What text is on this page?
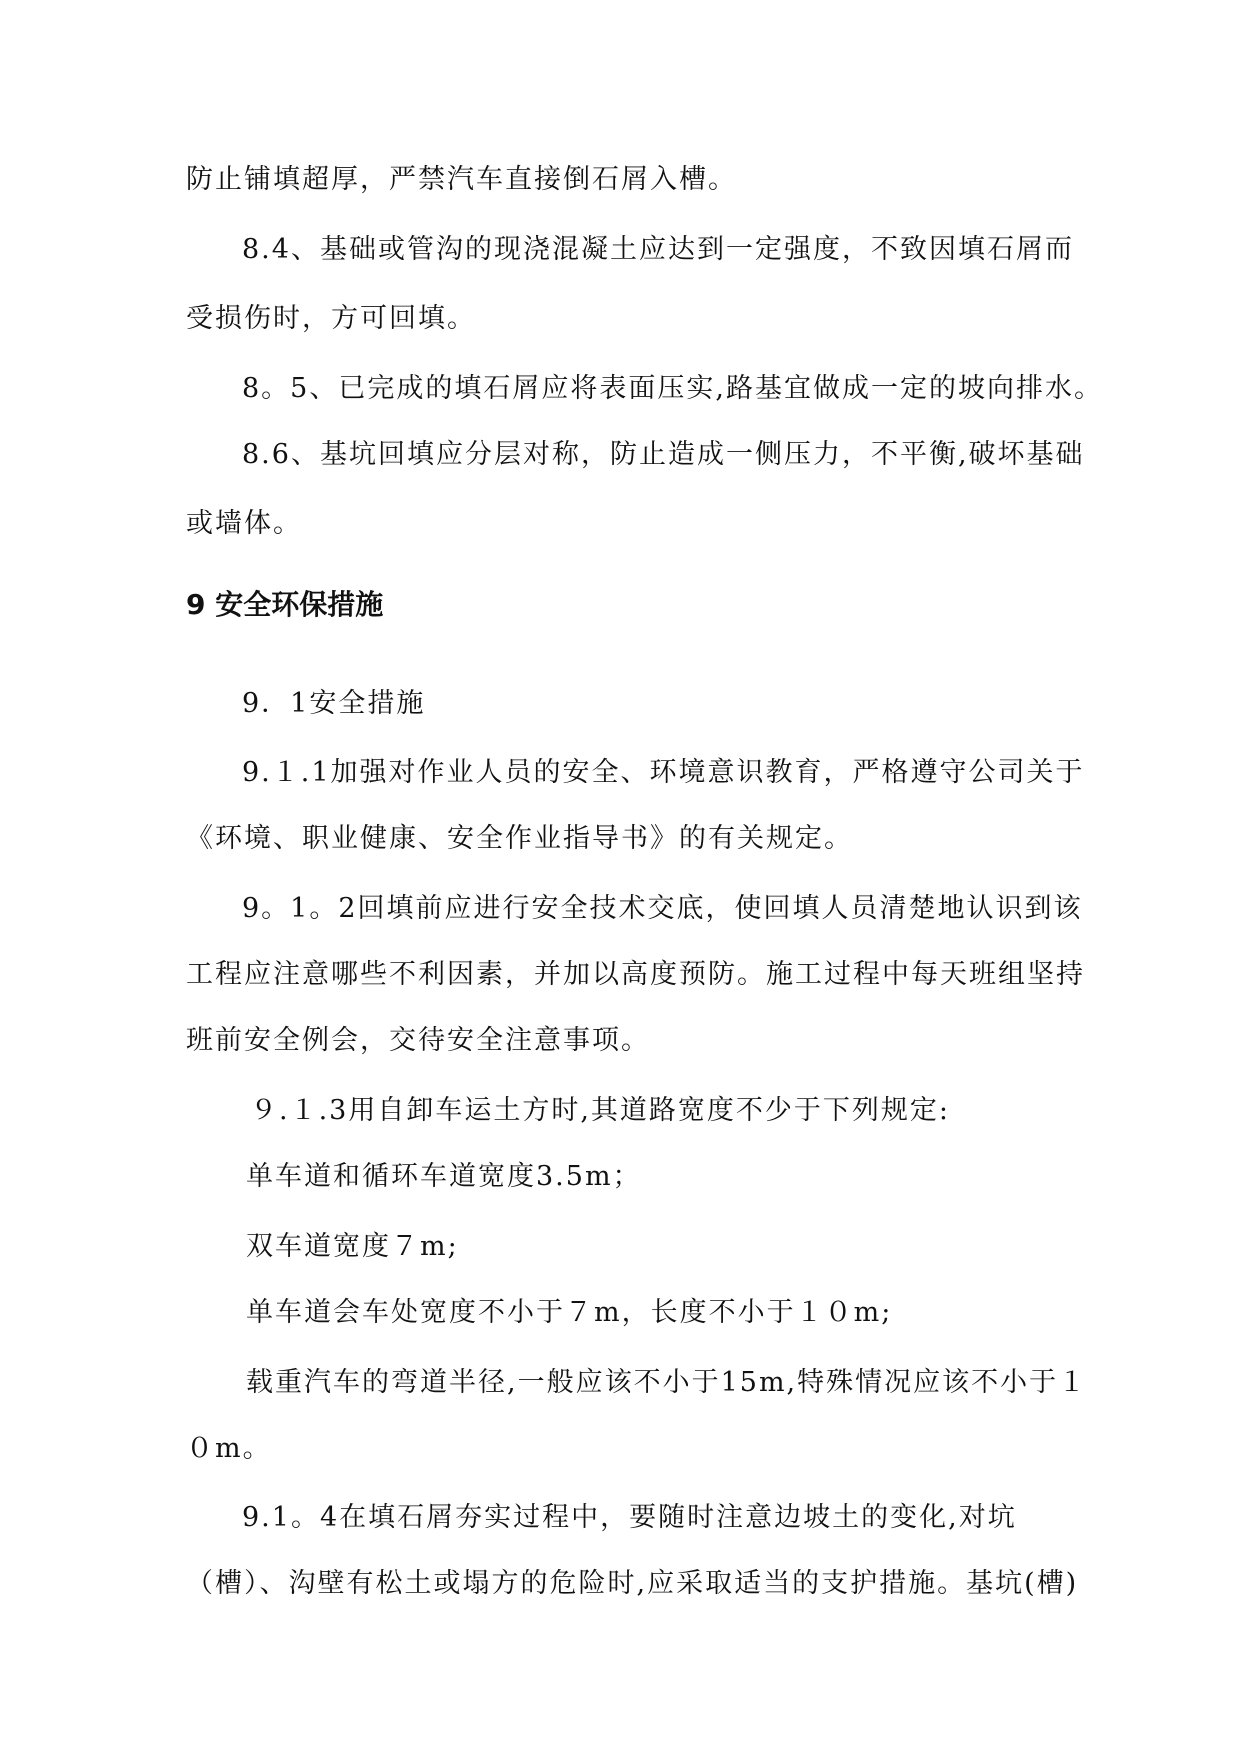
防止铺填超厚，严禁汽车直接倒石屑入槽。
8.4、基础或管沟的现浇混凝土应达到一定强度，不致因填石屑而
受损伤时，方可回填。
8。5、已完成的填石屑应将表面压实,路基宜做成一定的坡向排水。
8.6、基坑回填应分层对称，防止造成一侧压力，不平衡,破坏基础
或墙体。
9 安全环保措施
9．1安全措施
9.１.1加强对作业人员的安全、环境意识教育，严格遵守公司关于
《环境、职业健康、安全作业指导书》的有关规定。
9。1。2回填前应进行安全技术交底，使回填人员清楚地认识到该
工程应注意哪些不利因素，并加以高度预防。施工过程中每天班组坚持
班前安全例会，交待安全注意事项。
９.１.3用自卸车运土方时,其道路宽度不少于下列规定:
单车道和循环车道宽度3.5m；
双车道宽度７m;
单车道会车处宽度不小于７m，长度不小于１０m;
载重汽车的弯道半径,一般应该不小于15m,特殊情况应该不小于１
０m。
9.1。4在填石屑夯实过程中，要随时注意边坡土的变化,对坑
（槽）、沟壁有松土或塌方的危险时,应采取适当的支护措施。基坑(槽)
